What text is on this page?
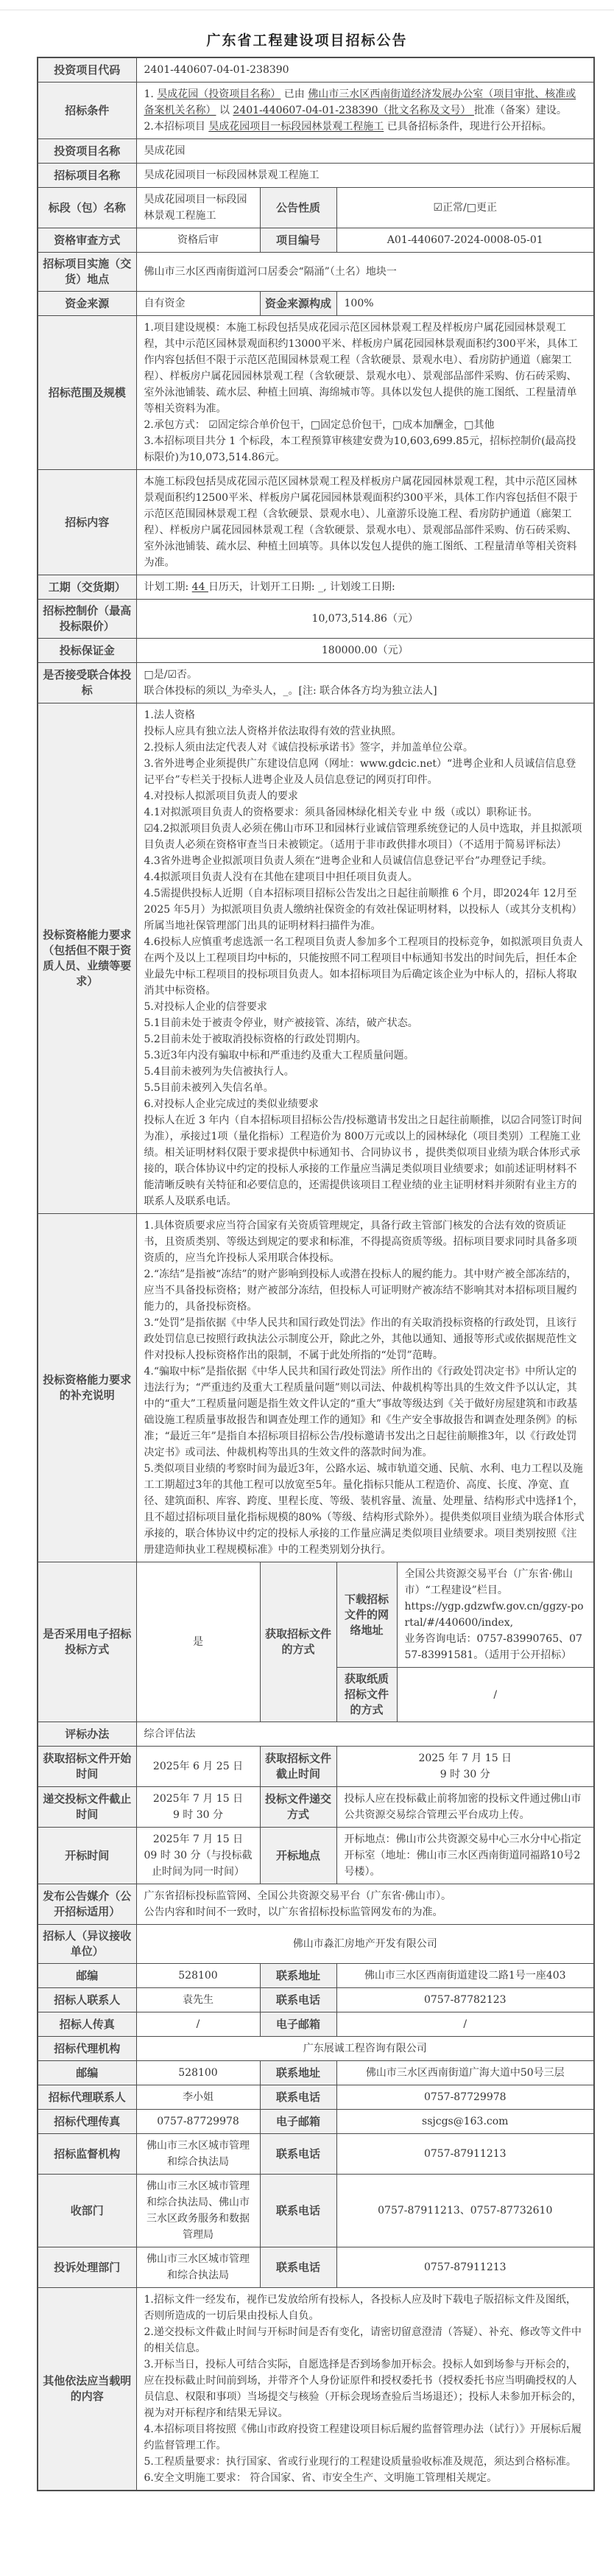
广东省工程建设项目招标公告
投资项目代码	2401-440607-04-01-238390			
招标条件	1. 昊成花园（投资项目名称） 已由 佛山市三水区西南街道经济发展办公室（项目审批、核准或备案机关名称） 以 2401-440607-04-01-238390（批文名称及文号） 批准（备案）建设。

2.本招标项目 昊成花园项目一标段园林景观工程施工 已具备招标条件，现进行公开招标。			

投资项目名称	昊成花园			
招标项目名称	昊成花园项目一标段园林景观工程施工			
标段（包）名称	昊成花园项目一标段园林景观工程施工	公告性质	☑正常/□更正	
资格审查方式	资格后审	项目编号	A01-440607-2024-0008-05-01	
招标项目实施（交货）地点	佛山市三水区西南街道河口居委会“隔涌”（土名）地块一			
资金来源	自有资金	资金来源构成	100%	
招标范围及规模	1.项目建设规模：本施工标段包括昊成花园示范区园林景观工程及样板房户属花园园林景观工程，其中示范区园林景观面积约13000平米、样板房户属花园园林景观面积约300平米，具体工作内容包括但不限于示范区范围园林景观工程（含软硬景、景观水电）、看房防护通道（廊架工程）、样板房户属花园园林景观工程（含软硬景、景观水电）、景观部品部件采购、仿石砖采购、室外泳池铺装、疏水层、种植土回填、海绵城市等。具体以发包人提供的施工图纸、工程量清单等相关资料为准。

2.承包方式： ☑固定综合单价包干，□固定总价包干，□成本加酬金，□其他

3.本招标项目共分 1 个标段，本工程预算审核建安费为10,603,699.85元，招标控制价(最高投标限价)为10,073,514.86元。			

招标内容	本施工标段包括昊成花园示范区园林景观工程及样板房户属花园园林景观工程，其中示范区园林景观面积约12500平米、样板房户属花园园林景观面积约300平米，具体工作内容包括但不限于示范区范围园林景观工程（含软硬景、景观水电）、儿童游乐设施工程、看房防护通道（廊架工程）、样板房户属花园园林景观工程（含软硬景、景观水电）、景观部品部件采购、仿石砖采购、室外泳池铺装、疏水层、种植土回填等。具体以发包人提供的施工图纸、工程量清单等相关资料为准。			
工期（交货期）	计划工期: 44 日历天，计划开工日期: _, 计划竣工日期:			

招标控制价（最高投标限价）	10,073,514.86（元）			
投标保证金	180000.00（元）			
是否接受联合体投标	□是/☑否。

联合体投标的须以_为牵头人，_。[注: 联合体各方均为独立法人]			

投标资格能力要求（包括但不限于资质人员、业绩等要求）	

1.法人资格

投标人应具有独立法人资格并依法取得有效的营业执照。

2.投标人须由法定代表人对《诚信投标承诺书》签字，并加盖单位公章。

3.省外进粤企业须提供广东建设信息网（网址：www.gdcic.net）“进粤企业和人员诚信信息登记平台”专栏关于投标人进粤企业及人员信息登记的网页打印件。

4.对投标人拟派项目负责人的要求

4.1对拟派项目负责人的资格要求：须具备园林绿化相关专业 中 级（或以）职称证书。

☑4.2拟派项目负责人必须在佛山市环卫和园林行业诚信管理系统登记的人员中选取，并且拟派项目负责人必须在资格审查当日未被锁定。（适用于非市政供排水项目）（不适用于简易评标法）

4.3省外进粤企业拟派项目负责人须在“进粤企业和人员诚信信息登记平台”办理登记手续。

4.4拟派项目负责人没有在其他在建项目中担任项目负责人。

4.5需提供投标人近期（自本招标项目招标公告发出之日起往前顺推 6 个月，即2024年 12月至 2025 年5月）为拟派项目负责人缴纳社保资金的有效社保证明材料，以投标人（或其分支机构）所属当地社保管理部门出具的证明材料扫描件为准。

4.6投标人应慎重考虑选派一名工程项目负责人参加多个工程项目的投标竞争，如拟派项目负责人在两个及以上工程项目均中标的，只能按照不同工程项目中标通知书发出的时间先后，担任本企业最先中标工程项目的投标项目负责人。如本招标项目为后确定该企业为中标人的，招标人将取消其中标资格。

5.对投标人企业的信誉要求

5.1目前未处于被责令停业，财产被接管、冻结，破产状态。

5.2目前未处于被取消投标资格的行政处罚期内。

5.3近3年内没有骗取中标和严重违约及重大工程质量问题。

5.4目前未被列为失信被执行人。

5.5目前未被列入失信名单。

6.对投标人企业完成过的类似业绩要求

投标人在近 3 年内（自本招标项目招标公告/投标邀请书发出之日起往前顺推，以☑合同签订时间为准），承接过1项（量化指标）工程造价为 800万元或以上的园林绿化（项目类别）工程施工业绩。相关证明材料仅限于要求提供中标通知书、合同协议书 ，提供类似项目业绩为联合体形式承接的，联合体协议中约定的投标人承接的工作量应当满足类似项目业绩要求；如前述证明材料不能清晰反映有关特征和必要信息的，还需提供该项目工程业绩的业主证明材料并须附有业主方的联系人及联系电话。

投标资格能力要求的补充说明	1.具体资质要求应当符合国家有关资质管理规定，具备行政主管部门核发的合法有效的资质证书，且资质类别、等级达到规定的要求和标准，不得提高资质等级。招标项目要求同时具备多项资质的，应当允许投标人采用联合体投标。

2.“冻结”是指被“冻结”的财产影响到投标人或潜在投标人的履约能力。其中财产被全部冻结的，应当不具备投标资格；财产被部分冻结，但投标人可证明财产被冻结不影响其对本招标项目履约能力的，具备投标资格。

3.“处罚”是指依据《中华人民共和国行政处罚法》作出的有关取消投标资格的行政处罚，且该行政处罚信息已按照行政执法公示制度公开，除此之外，其他以通知、通报等形式或依据规范性文件对投标人投标资格作出的限制，不属于此处所指的“处罚”范畴。

4.“骗取中标”是指依据《中华人民共和国行政处罚法》所作出的《行政处罚决定书》中所认定的违法行为；“严重违约及重大工程质量问题”则以司法、仲裁机构等出具的生效文件予以认定，其中的“重大”工程质量问题是指生效文件认定的“重大”事故等级达到《关于做好房屋建筑和市政基础设施工程质量事故报告和调查处理工作的通知》和《生产安全事故报告和调查处理条例》的标准；“最近三年”是指自本招标项目招标公告/投标邀请书发出之日起往前顺推3年，以《行政处罚决定书》或司法、仲裁机构等出具的生效文件的落款时间为准。

5.类似项目业绩的考察时间为最近3年，公路水运、城市轨道交通、民航、水利、电力工程以及施工工期超过3年的其他工程可以放宽至5年。量化指标只能从工程造价、高度、长度、净宽、直径、建筑面积、库容、跨度、里程长度、等级、装机容量、流量、处理量、结构形式中选择1个，且不超过招标项目量化指标规模的80%（等级、结构形式除外）。提供类似项目业绩为联合体形式承接的，联合体协议中约定的投标人承接的工作量应满足类似项目业绩要求。项目类别按照《注册建造师执业工程规模标准》中的工程类别划分执行。			

是否采用电子招标投标方式	是	获取招标文件的方式	下载招标文件的网络地址	全国公共资源交易平台（广东省·佛山市）“工程建设”栏目。

https://ygp.gdzwfw.gov.cn/ggzy-portal/#/440600/index,

业务咨询电话：0757-83990765、0757-83991581。（适用于公开招标）

			获取纸质招标文件的方式	/
评标办法	综合评估法			
获取招标文件开始时间	2025年 6 月 25 日	获取招标文件截止时间	2025 年 7 月 15 日

9 时 30 分	

递交投标文件截止时间	2025年 7 月 15 日

9 时 30 分	投标文件递交方式	投标人应在投标截止前将加密的投标文件通过佛山市公共资源交易综合管理云平台成功上传。	
开标时间	2025年 7 月 15 日

09 时 30 分（与投标截止时间为同一时间）	开标地点	开标地点：佛山市公共资源交易中心三水分中心指定开标室（地址：佛山市三水区西南街道同福路10号2号楼）。	
发布公告媒介（公开招标适用）	广东省招标投标监管网、全国公共资源交易平台（广东省·佛山市）。

公告内容和时间不一致时，以广东省招标投标监管网发布的为准。			

招标人（异议接收单位）	佛山市淼汇房地产开发有限公司			
邮编	528100	联系地址	佛山市三水区西南街道建设二路1号一座403	
招标人联系人	袁先生	联系电话	0757-87782123	
招标人传真	/	电子邮箱	/	
招标代理机构	广东展诚工程咨询有限公司			
邮编	528100	联系地址	佛山市三水区西南街道广海大道中50号三层	
招标代理联系人	李小姐	联系电话	0757-87729978	
招标代理传真	0757-87729978	电子邮箱	ssjcgs@163.com	
招标监督机构	佛山市三水区城市管理和综合执法局	联系电话	0757-87911213	
收部门	佛山市三水区城市管理和综合执法局、佛山市三水区政务服务和数据管理局	联系电话	0757-87911213、0757-87732610	
投诉处理部门	佛山市三水区城市管理和综合执法局	联系电话	0757-87911213	
其他依法应当载明的内容	

1.招标文件一经发布，视作已发放给所有投标人，各投标人应及时下载电子版招标文件及图纸，否则所造成的一切后果由投标人自负。

2.递交投标文件截止时间与开标时间是否有变化，请密切留意澄清（答疑）、补充、修改等文件中的相关信息。

3.开标当日，投标人可结合实际，自愿选择是否到场参加开标会。投标人如到场参与开标会的，应在投标截止时间前到场，并带齐个人身份证原件和授权委托书（授权委托书应当明确授权的人员信息、权限和事项）当场提交与核验（开标会现场查验后当场退还）；投标人未参加开标会的，视为对开标程序和结果无异议。

4.本招标项目将按照《佛山市政府投资工程建设项目标后履约监督管理办法（试行）》开展标后履约监督管理工作。

5.工程质量要求：执行国家、省或行业现行的工程建设质量验收标准及规范，须达到合格标准。

6.安全文明施工要求： 符合国家、省、市安全生产、文明施工管理相关规定。
